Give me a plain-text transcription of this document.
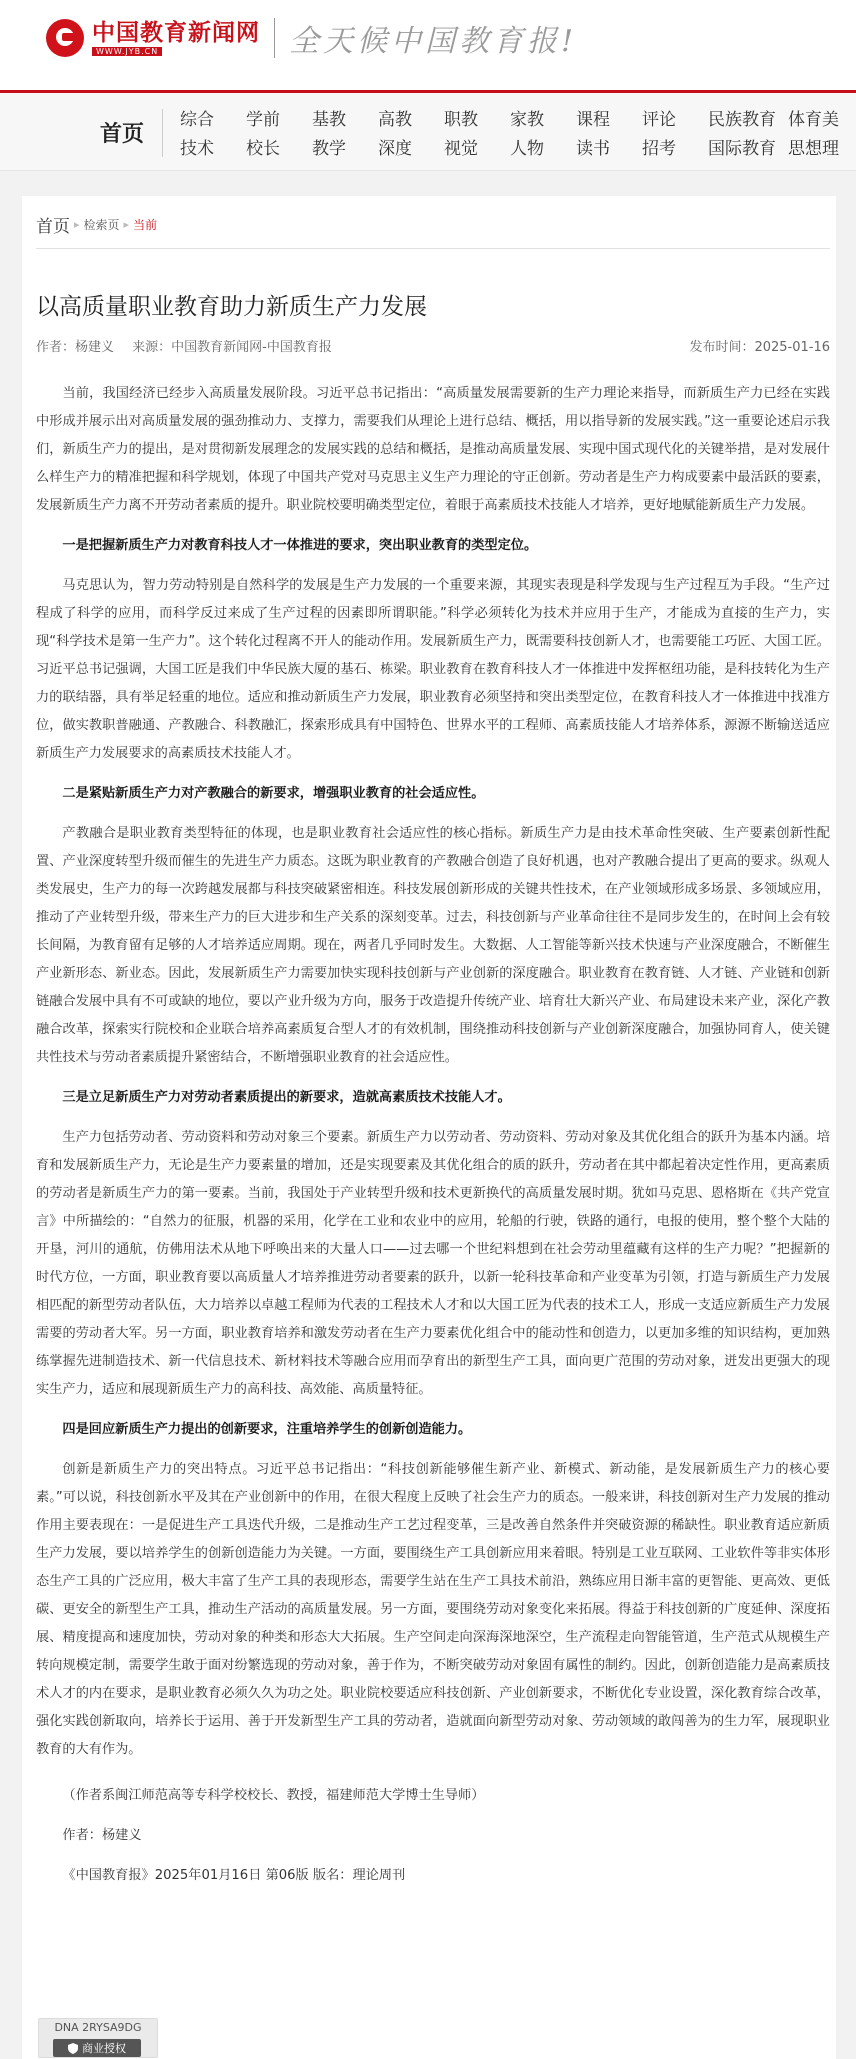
中国教育新闻网
WWW.JYB.CN	全天候中国教育报!
首页
综合	学前	基教	高教	职教	家教	课程	评论	民族教育 体育美
技术	校长	教学	深度	视觉	人物	读书	招考	国际教育 思想理
首页 ▸ 检索页 ▸ 当前
以高质量职业教育助力新质生产力发展
作者：杨建义 来源：中国教育新闻网-中国教育报	发布时间：2025-01-16

当前，我国经济已经步入高质量发展阶段。习近平总书记指出：“高质量发展需要新的生产力理论来指导，而新质生产力已经在实践中形成并展示出对高质量发展的强劲推动力、支撑力，需要我们从理论上进行总结、概括，用以指导新的发展实践。”这一重要论述启示我们，新质生产力的提出，是对贯彻新发展理念的发展实践的总结和概括，是推动高质量发展、实现中国式现代化的关键举措，是对发展什么样生产力的精准把握和科学规划，体现了中国共产党对马克思主义生产力理论的守正创新。劳动者是生产力构成要素中最活跃的要素，发展新质生产力离不开劳动者素质的提升。职业院校要明确类型定位，着眼于高素质技术技能人才培养，更好地赋能新质生产力发展。

一是把握新质生产力对教育科技人才一体推进的要求，突出职业教育的类型定位。

马克思认为，智力劳动特别是自然科学的发展是生产力发展的一个重要来源，其现实表现是科学发现与生产过程互为手段。“生产过程成了科学的应用，而科学反过来成了生产过程的因素即所谓职能。”科学必须转化为技术并应用于生产，才能成为直接的生产力，实现“科学技术是第一生产力”。这个转化过程离不开人的能动作用。发展新质生产力，既需要科技创新人才，也需要能工巧匠、大国工匠。习近平总书记强调，大国工匠是我们中华民族大厦的基石、栋梁。职业教育在教育科技人才一体推进中发挥枢纽功能，是科技转化为生产力的联结器，具有举足轻重的地位。适应和推动新质生产力发展，职业教育必须坚持和突出类型定位，在教育科技人才一体推进中找准方位，做实教职普融通、产教融合、科教融汇，探索形成具有中国特色、世界水平的工程师、高素质技能人才培养体系，源源不断输送适应新质生产力发展要求的高素质技术技能人才。

二是紧贴新质生产力对产教融合的新要求，增强职业教育的社会适应性。

产教融合是职业教育类型特征的体现，也是职业教育社会适应性的核心指标。新质生产力是由技术革命性突破、生产要素创新性配置、产业深度转型升级而催生的先进生产力质态。这既为职业教育的产教融合创造了良好机遇，也对产教融合提出了更高的要求。纵观人类发展史，生产力的每一次跨越发展都与科技突破紧密相连。科技发展创新形成的关键共性技术，在产业领域形成多场景、多领域应用，推动了产业转型升级，带来生产力的巨大进步和生产关系的深刻变革。过去，科技创新与产业革命往往不是同步发生的，在时间上会有较长间隔，为教育留有足够的人才培养适应周期。现在，两者几乎同时发生。大数据、人工智能等新兴技术快速与产业深度融合，不断催生产业新形态、新业态。因此，发展新质生产力需要加快实现科技创新与产业创新的深度融合。职业教育在教育链、人才链、产业链和创新链融合发展中具有不可或缺的地位，要以产业升级为方向，服务于改造提升传统产业、培育壮大新兴产业、布局建设未来产业，深化产教融合改革，探索实行院校和企业联合培养高素质复合型人才的有效机制，围绕推动科技创新与产业创新深度融合，加强协同育人，使关键共性技术与劳动者素质提升紧密结合，不断增强职业教育的社会适应性。

三是立足新质生产力对劳动者素质提出的新要求，造就高素质技术技能人才。

生产力包括劳动者、劳动资料和劳动对象三个要素。新质生产力以劳动者、劳动资料、劳动对象及其优化组合的跃升为基本内涵。培育和发展新质生产力，无论是生产力要素量的增加，还是实现要素及其优化组合的质的跃升，劳动者在其中都起着决定性作用，更高素质的劳动者是新质生产力的第一要素。当前，我国处于产业转型升级和技术更新换代的高质量发展时期。犹如马克思、恩格斯在《共产党宣言》中所描绘的：“自然力的征服，机器的采用，化学在工业和农业中的应用，轮船的行驶，铁路的通行，电报的使用，整个整个大陆的开垦，河川的通航，仿佛用法术从地下呼唤出来的大量人口——过去哪一个世纪料想到在社会劳动里蕴藏有这样的生产力呢？”把握新的时代方位，一方面，职业教育要以高质量人才培养推进劳动者要素的跃升，以新一轮科技革命和产业变革为引领，打造与新质生产力发展相匹配的新型劳动者队伍，大力培养以卓越工程师为代表的工程技术人才和以大国工匠为代表的技术工人，形成一支适应新质生产力发展需要的劳动者大军。另一方面，职业教育培养和激发劳动者在生产力要素优化组合中的能动性和创造力，以更加多维的知识结构，更加熟练掌握先进制造技术、新一代信息技术、新材料技术等融合应用而孕育出的新型生产工具，面向更广范围的劳动对象，迸发出更强大的现实生产力，适应和展现新质生产力的高科技、高效能、高质量特征。

四是回应新质生产力提出的创新要求，注重培养学生的创新创造能力。

创新是新质生产力的突出特点。习近平总书记指出：“科技创新能够催生新产业、新模式、新动能，是发展新质生产力的核心要素。”可以说，科技创新水平及其在产业创新中的作用，在很大程度上反映了社会生产力的质态。一般来讲，科技创新对生产力发展的推动作用主要表现在：一是促进生产工具迭代升级，二是推动生产工艺过程变革，三是改善自然条件并突破资源的稀缺性。职业教育适应新质生产力发展，要以培养学生的创新创造能力为关键。一方面，要围绕生产工具创新应用来着眼。特别是工业互联网、工业软件等非实体形态生产工具的广泛应用，极大丰富了生产工具的表现形态，需要学生站在生产工具技术前沿，熟练应用日渐丰富的更智能、更高效、更低碳、更安全的新型生产工具，推动生产活动的高质量发展。另一方面，要围绕劳动对象变化来拓展。得益于科技创新的广度延伸、深度拓展、精度提高和速度加快，劳动对象的种类和形态大大拓展。生产空间走向深海深地深空，生产流程走向智能管道，生产范式从规模生产转向规模定制，需要学生敢于面对纷繁选现的劳动对象，善于作为，不断突破劳动对象固有属性的制约。因此，创新创造能力是高素质技术人才的内在要求，是职业教育必须久久为功之处。职业院校要适应科技创新、产业创新要求，不断优化专业设置，深化教育综合改革，强化实践创新取向，培养长于运用、善于开发新型生产工具的劳动者，造就面向新型劳动对象、劳动领域的敢闯善为的生力军，展现职业教育的大有作为。

（作者系闽江师范高等专科学校校长、教授，福建师范大学博士生导师）

作者：杨建义

《中国教育报》2025年01月16日 第06版 版名：理论周刊

DNA 2RYSA9DG
商业授权
